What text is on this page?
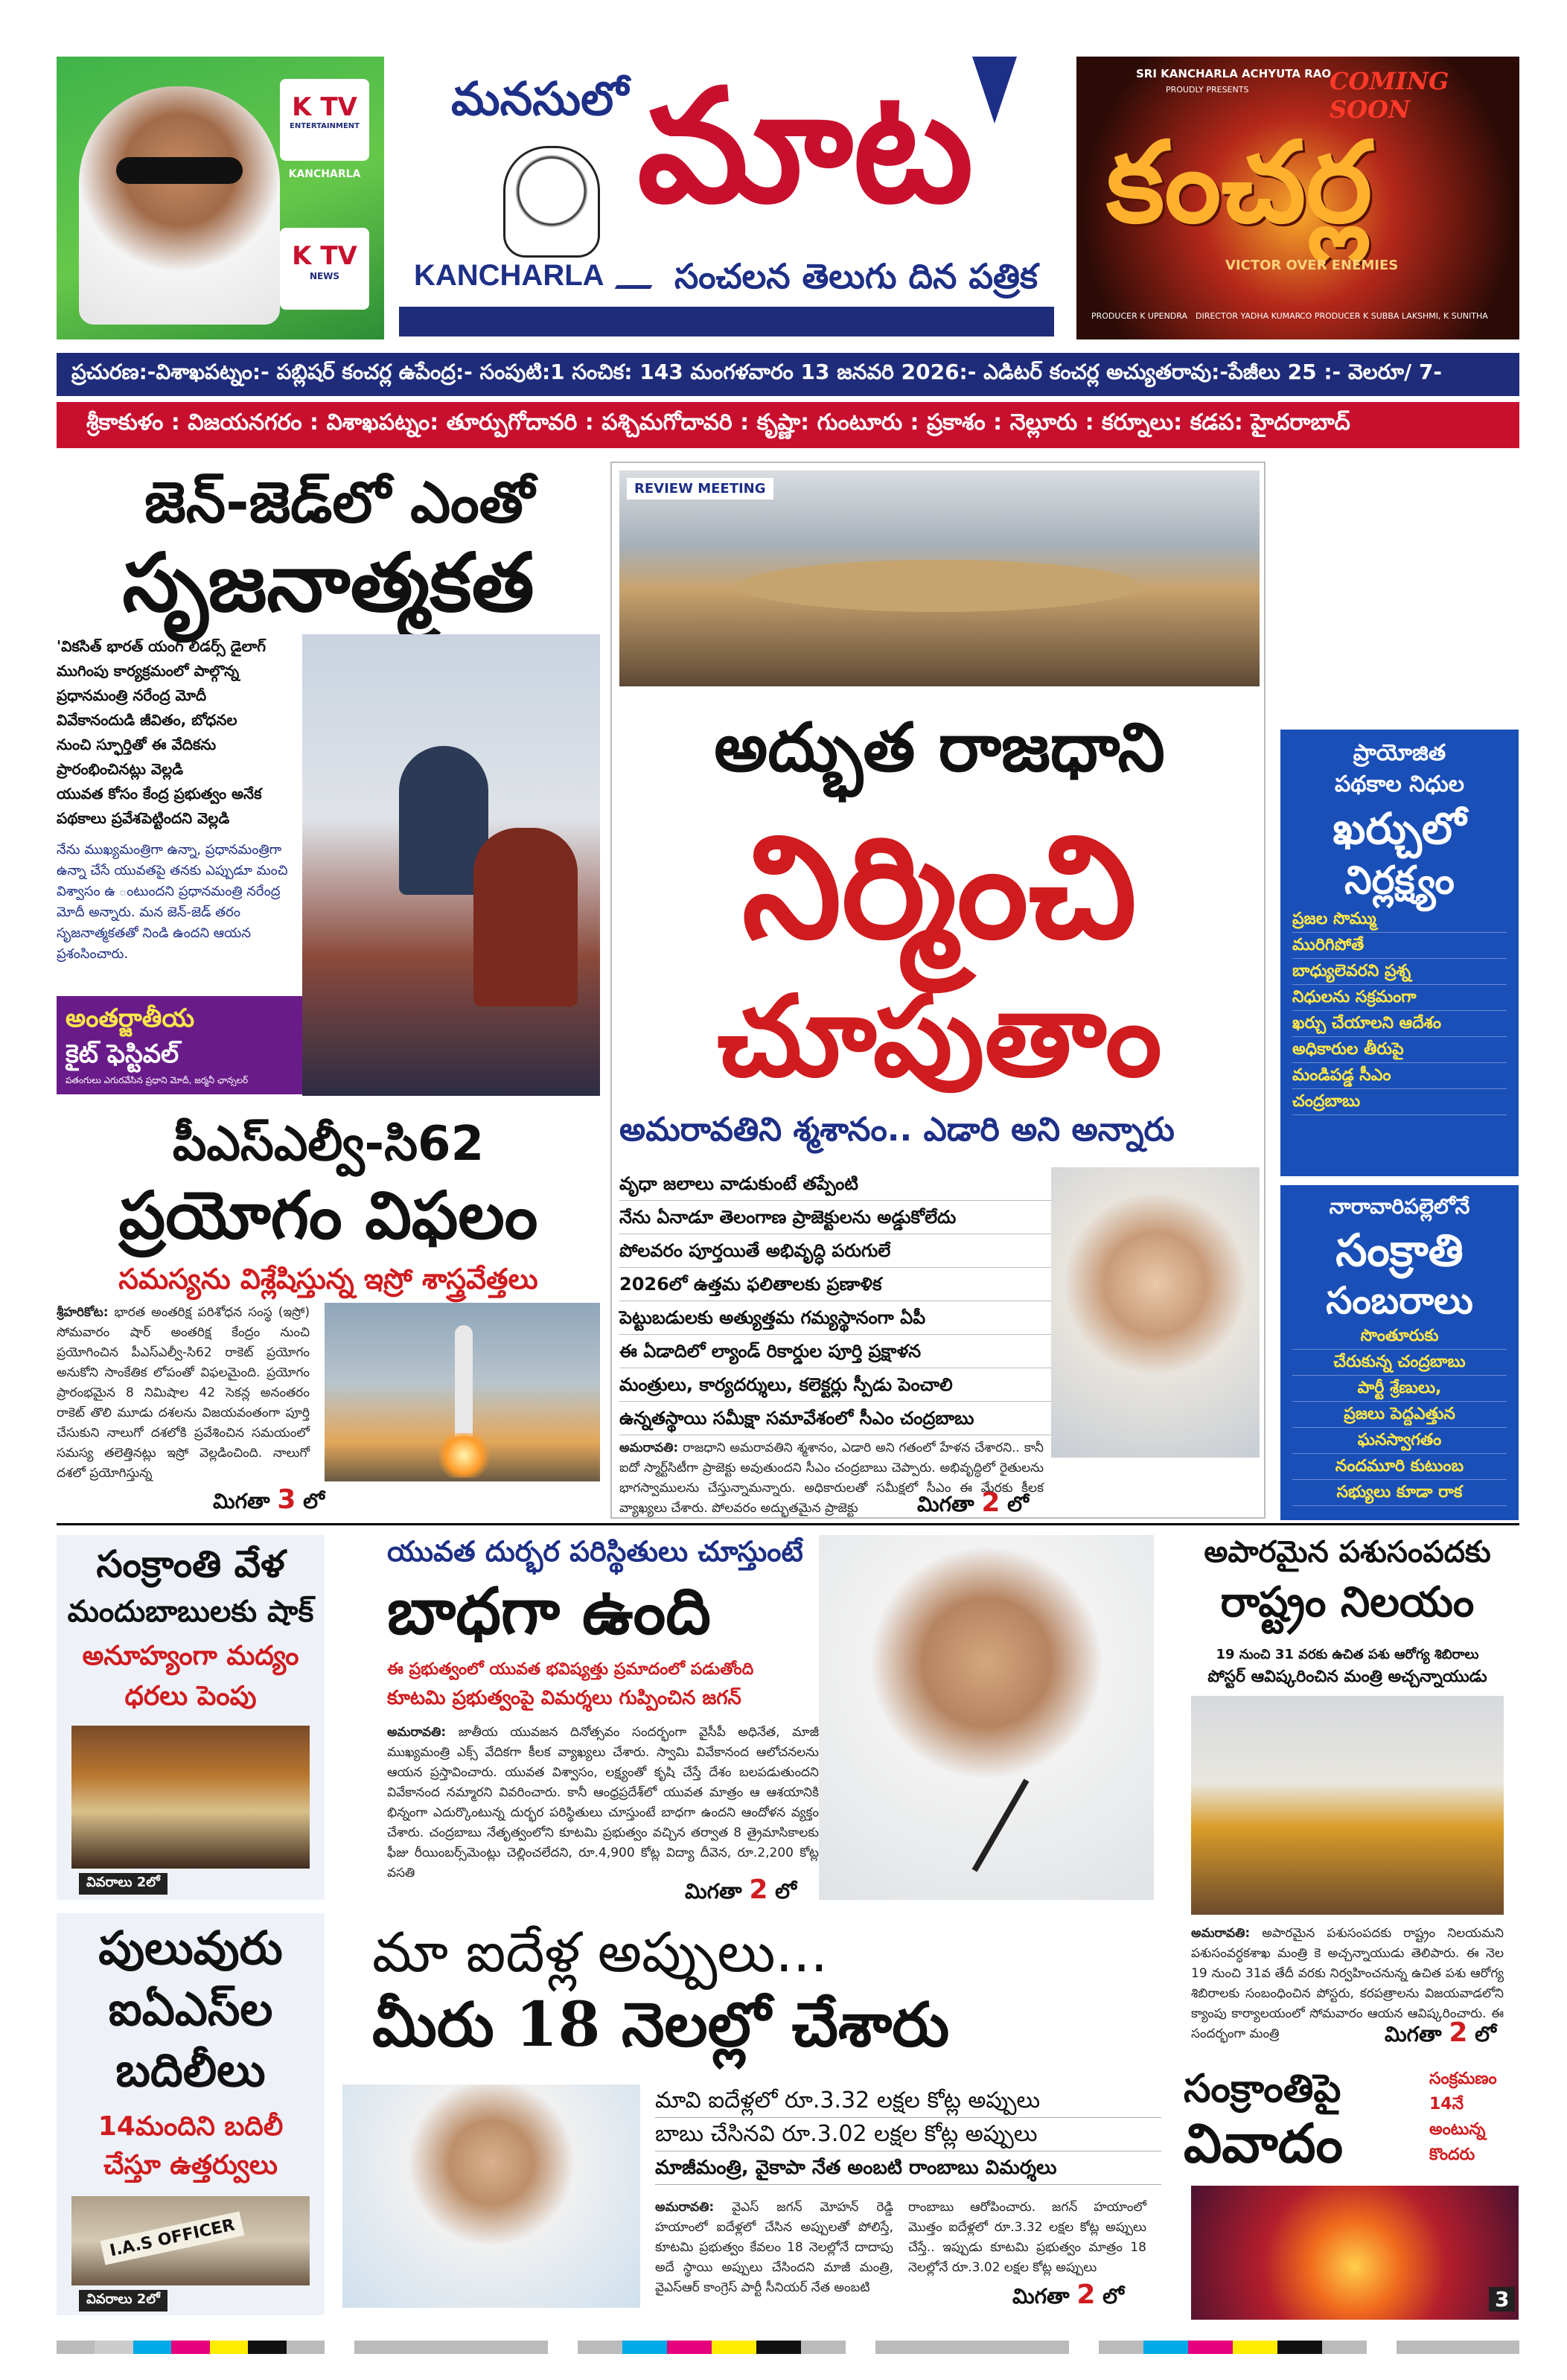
K TV
ENTERTAINMENT
K TV
NEWS
KANCHARLA
మనసులో మాట
KANCHARLA సంచలన తెలుగు దిన పత్రిక
SRI KANCHARLA ACHYUTA RAO
PROUDLY PRESENTS	COMING SOON
కంచర్ల
VICTOR OVER ENEMIES
PRODUCER K UPENDRA DIRECTOR YADHA KUMAR
CO PRODUCER K SUBBA LAKSHMI, K SUNITHA
ప్రచురణ:-విశాఖపట్నం:- పబ్లిషర్ కంచర్ల ఉపేంద్ర:- సంపుటి:1 సంచిక: 143 మంగళవారం 13 జనవరి 2026:- ఎడిటర్ కంచర్ల అచ్యుతరావు:-పేజీలు 25 :- వెలరూ/ 7-
శ్రీకాకుళం : విజయనగరం : విశాఖపట్నం: తూర్పుగోదావరి : పశ్చిమగోదావరి : కృష్ణా: గుంటూరు : ప్రకాశం : నెల్లూరు : కర్నూలు: కడప: హైదరాబాద్
జెన్-జెడ్‌లో ఎంతో
సృజనాత్మకత
'వికసిత్ భారత్ యంగ్ లీడర్స్ డైలాగ్
ముగింపు కార్యక్రమంలో పాల్గొన్న
ప్రధానమంత్రి నరేంద్ర మోదీ
వివేకానందుడి జీవితం, బోధనల
నుంచి స్ఫూర్తితో ఈ వేదికను
ప్రారంభించినట్లు వెల్లడి
యువత కోసం కేంద్ర ప్రభుత్వం అనేక
పథకాలు ప్రవేశపెట్టిందని వెల్లడి
నేను ముఖ్యమంత్రిగా ఉన్నా, ప్రధానమంత్రిగా ఉన్నా చేసే యువతపై తనకు ఎప్పుడూ మంచి విశ్వాసం ఉ ంటుందని ప్రధానమంత్రి నరేంద్ర మోదీ అన్నారు. మన జెన్-జెడ్ తరం సృజనాత్మకతతో నిండి ఉందని ఆయన ప్రశంసించారు.
అంతర్జాతీయ
కైట్ ఫెస్టివల్
పతంగులు ఎగురవేసిన ప్రధాని మోదీ, జర్మనీ ఛాన్సలర్
REVIEW MEETING
అద్భుత రాజధాని
నిర్మించి
చూపుతాం
అమరావతిని శ్మశానం.. ఎడారి అని అన్నారు
వృధా జలాలు వాడుకుంటే తప్పేంటి
నేను ఏనాడూ తెలంగాణ ప్రాజెక్టులను అడ్డుకోలేదు
పోలవరం పూర్తయితే అభివృద్ధి పరుగులే
2026లో ఉత్తమ ఫలితాలకు ప్రణాళిక
పెట్టుబడులకు అత్యుత్తమ గమ్యస్థానంగా ఏపీ
ఈ ఏడాదిలో ల్యాండ్ రికార్డుల పూర్తి ప్రక్షాళన
మంత్రులు, కార్యదర్శులు, కలెక్టర్లు స్పీడు పెంచాలి
ఉన్నతస్థాయి సమీక్షా సమావేశంలో సీఎం చంద్రబాబు
అమరావతి: రాజధాని అమరావతిని శ్మశానం, ఎడారి అని గతంలో హేళన చేశారని.. కానీ ఐదో స్మార్ట్‌సిటీగా ప్రాజెక్టు అవుతుందని సీఎం చంద్రబాబు చెప్పారు. అభివృద్ధిలో రైతులను భాగస్వాములను చేస్తున్నామన్నారు. అధికారులతో సమీక్షలో సీఎం ఈ మేరకు కీలక వ్యాఖ్యలు చేశారు. పోలవరం అద్భుతమైన ప్రాజెక్టు	మిగతా 2 లో
ప్రాయోజిత
పథకాల నిధుల
ఖర్చులో
నిర్లక్ష్యం
ప్రజల సొమ్ము
మురిగిపోతే
బాధ్యులెవరని ప్రశ్న
నిధులను సక్రమంగా
ఖర్చు చేయాలని ఆదేశం
అధికారుల తీరుపై
మండిపడ్డ సీఎం
చంద్రబాబు
నారావారిపల్లెలోనే
సంక్రాతి
సంబరాలు
సొంతూరుకు
చేరుకున్న చంద్రబాబు
పార్టీ శ్రేణులు,
ప్రజలు పెద్దఎత్తున
ఘనస్వాగతం
నందమూరి కుటుంబ
సభ్యులు కూడా రాక
పీఎస్ఎల్వీ-సి62
ప్రయోగం విఫలం
సమస్యను విశ్లేషిస్తున్న ఇస్రో శాస్త్రవేత్తలు
శ్రీహరికోట: భారత అంతరిక్ష పరిశోధన సంస్థ (ఇస్రో) సోమవారం షార్ అంతరిక్ష కేంద్రం నుంచి ప్రయోగించిన పీఎస్ఎల్వీ-సి62 రాకెట్ ప్రయోగం అనుకోని సాంకేతిక లోపంతో విఫలమైంది. ప్రయోగం ప్రారంభమైన 8 నిమిషాల 42 సెకన్ల అనంతరం రాకెట్ తొలి మూడు దశలను విజయవంతంగా పూర్తి చేసుకుని నాలుగో దశలోకి ప్రవేశించిన సమయంలో సమస్య తలెత్తినట్లు ఇస్రో వెల్లడించింది. నాలుగో దశలో ప్రయోగిస్తున్న
మిగతా 3 లో
సంక్రాంతి వేళ
మందుబాబులకు షాక్
అనూహ్యంగా మద్యం
ధరలు పెంపు
వివరాలు 2లో
యువత దుర్భర పరిస్థితులు చూస్తుంటే
బాధగా ఉంది
ఈ ప్రభుత్వంలో యువత భవిష్యత్తు ప్రమాదంలో పడుతోంది
కూటమి ప్రభుత్వంపై విమర్శలు గుప్పించిన జగన్
అమరావతి: జాతీయ యువజన దినోత్సవం సందర్భంగా వైసీపీ అధినేత, మాజీ ముఖ్యమంత్రి ఎక్స్ వేదికగా కీలక వ్యాఖ్యలు చేశారు. స్వామి వివేకానంద ఆలోచనలను ఆయన ప్రస్తావించారు. యువత విశ్వాసం, లక్ష్యంతో కృషి చేస్తే దేశం బలపడుతుందని వివేకానంద నమ్మారని వివరించారు. కానీ ఆంధ్రప్రదేశ్‌లో యువత మాత్రం ఆ ఆశయానికి భిన్నంగా ఎదుర్కొంటున్న దుర్భర పరిస్థితులు చూస్తుంటే బాధగా ఉందని ఆందోళన వ్యక్తం చేశారు. చంద్రబాబు నేతృత్వంలోని కూటమి ప్రభుత్వం వచ్చిన తర్వాత 8 త్రైమాసికాలకు ఫీజు రీయింబర్స్‌మెంట్లు చెల్లించలేదని, రూ.4,900 కోట్ల విద్యా దీవెన, రూ.2,200 కోట్ల వసతి
మిగతా 2 లో
అపారమైన పశుసంపదకు
రాష్ట్రం నిలయం
19 నుంచి 31 వరకు ఉచిత పశు ఆరోగ్య శిబిరాలు
పోస్టర్ ఆవిష్కరించిన మంత్రి అచ్చన్నాయుడు
అమరావతి: అపారమైన పశుసంపదకు రాష్ట్రం నిలయమని పశుసంవర్ధకశాఖ మంత్రి కె అచ్చన్నాయుడు తెలిపారు. ఈ నెల 19 నుంచి 31వ తేదీ వరకు నిర్వహించనున్న ఉచిత పశు ఆరోగ్య శిబిరాలకు సంబంధించిన పోస్టరు, కరపత్రాలను విజయవాడలోని క్యాంపు కార్యాలయంలో సోమవారం ఆయన ఆవిష్కరించారు. ఈ సందర్భంగా మంత్రి	మిగతా 2 లో
పులువురు
ఐఏఎస్‌ల
బదిలీలు
14మందిని బదిలీ
చేస్తూ ఉత్తర్వులు
I.A.S OFFICER
వివరాలు 2లో
మా ఐదేళ్ల అప్పులు...
మీరు 18 నెలల్లో చేశారు
మావి ఐదేళ్లలో రూ.3.32 లక్షల కోట్ల అప్పులు
బాబు చేసినవి రూ.3.02 లక్షల కోట్ల అప్పులు
మాజీమంత్రి, వైకాపా నేత అంబటి రాంబాబు విమర్శలు
అమరావతి: వైఎస్ జగన్ మోహన్ రెడ్డి హయాంలో ఐదేళ్లలో చేసిన అప్పులతో పోలిస్తే, కూటమి ప్రభుత్వం కేవలం 18 నెలల్లోనే దాదాపు అదే స్థాయి అప్పులు చేసిందని మాజీ మంత్రి, వైఎస్ఆర్ కాంగ్రెస్ పార్టీ సీనియర్ నేత అంబటి
రాంబాబు ఆరోపించారు. జగన్ హయాంలో మొత్తం ఐదేళ్లలో రూ.3.32 లక్షల కోట్ల అప్పులు చేస్తే.. ఇప్పుడు కూటమి ప్రభుత్వం మాత్రం 18 నెలల్లోనే రూ.3.02 లక్షల కోట్ల అప్పులు
మిగతా 2 లో
సంక్రాంతిపై
వివాదం
సంక్రమణం
14నే
అంటున్న
కొందరు
3
